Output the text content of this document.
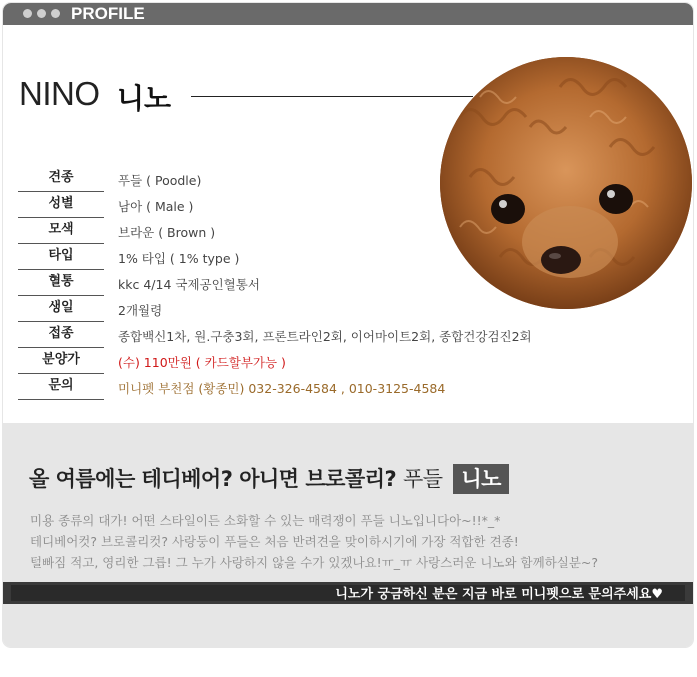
PROFILE
NINO 니노
견종	푸들 ( Poodle)
성별	남아 ( Male )
모색	브라운 ( Brown )
타입	1% 타입 ( 1% type )
혈통	kkc 4/14 국제공인혈통서
생일	2개월령
접종	종합백신1차, 원.구충3회, 프론트라인2회, 이어마이트2회, 종합건강검진2회
분양가	(수) 110만원 ( 카드할부가능 )
문의	미니펫 부천점 (황종민) 032-326-4584 , 010-3125-4584
올 여름에는 테디베어? 아니면 브로콜리? 푸들 니노
미용 종류의 대가! 어떤 스타일이든 소화할 수 있는 매력쟁이 푸들 니노입니다아~!!*_*
테디베어컷? 브로콜리컷? 사랑둥이 푸들은 처음 반려견을 맞이하시기에 가장 적합한 견종!
털빠짐 적고, 영리한 그릅! 그 누가 사랑하지 않을 수가 있겠나요!ㅠ_ㅠ 사랑스러운 니노와 함께하실분~?
니노가 궁금하신 분은 지금 바로 미니펫으로 문의주세요♥
